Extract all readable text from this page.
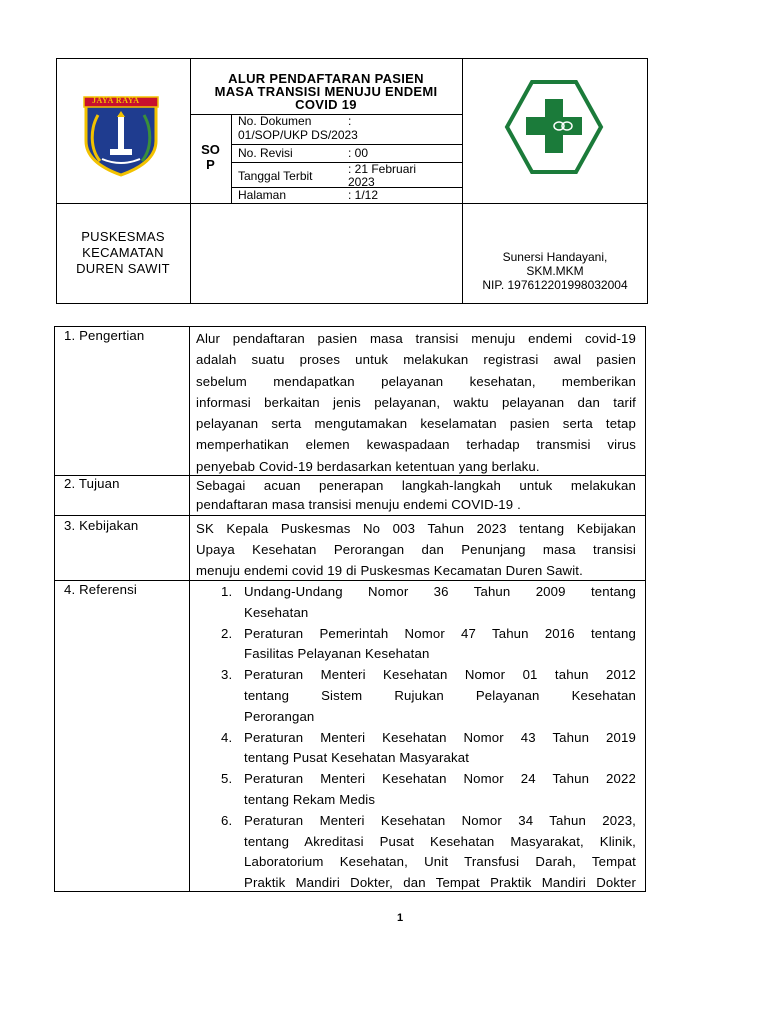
JAYA RAYA
ALUR PENDAFTARAN PASIEN
MASA TRANSISI MENUJU ENDEMI
COVID 19
SO
P
No. Dokumen	:
01/SOP/UKP DS/2023
No. Revisi	: 00
Tanggal Terbit	: 21 Februari
2023
Halaman	: 1/12
PUSKESMAS
KECAMATAN
DUREN SAWIT
Sunersi Handayani,
SKM.MKM
NIP. 197612201998032004
1. Pengertian	Alur pendaftaran pasien masa transisi menuju endemi covid-19
adalah suatu proses untuk melakukan registrasi awal pasien
sebelum mendapatkan pelayanan kesehatan, memberikan
informasi berkaitan jenis pelayanan, waktu pelayanan dan tarif
pelayanan serta mengutamakan keselamatan pasien serta tetap
memperhatikan elemen kewaspadaan terhadap transmisi virus
penyebab Covid-19 berdasarkan ketentuan yang berlaku.
2. Tujuan	Sebagai acuan penerapan langkah-langkah untuk melakukan
pendaftaran masa transisi menuju endemi COVID-19 .
3. Kebijakan	SK Kepala Puskesmas No 003 Tahun 2023 tentang Kebijakan
Upaya Kesehatan Perorangan dan Penunjang masa transisi
menuju endemi covid 19 di Puskesmas Kecamatan Duren Sawit.
4. Referensi	1. Undang-Undang Nomor 36 Tahun 2009 tentang
Kesehatan
2. Peraturan Pemerintah Nomor 47 Tahun 2016 tentang
Fasilitas Pelayanan Kesehatan
3. Peraturan Menteri Kesehatan Nomor 01 tahun 2012
tentang Sistem Rujukan Pelayanan Kesehatan
Perorangan
4. Peraturan Menteri Kesehatan Nomor 43 Tahun 2019
tentang Pusat Kesehatan Masyarakat
5. Peraturan Menteri Kesehatan Nomor 24 Tahun 2022
tentang Rekam Medis
6. Peraturan Menteri Kesehatan Nomor 34 Tahun 2023,
tentang Akreditasi Pusat Kesehatan Masyarakat, Klinik,
Laboratorium Kesehatan, Unit Transfusi Darah, Tempat
Praktik Mandiri Dokter, dan Tempat Praktik Mandiri Dokter
1
